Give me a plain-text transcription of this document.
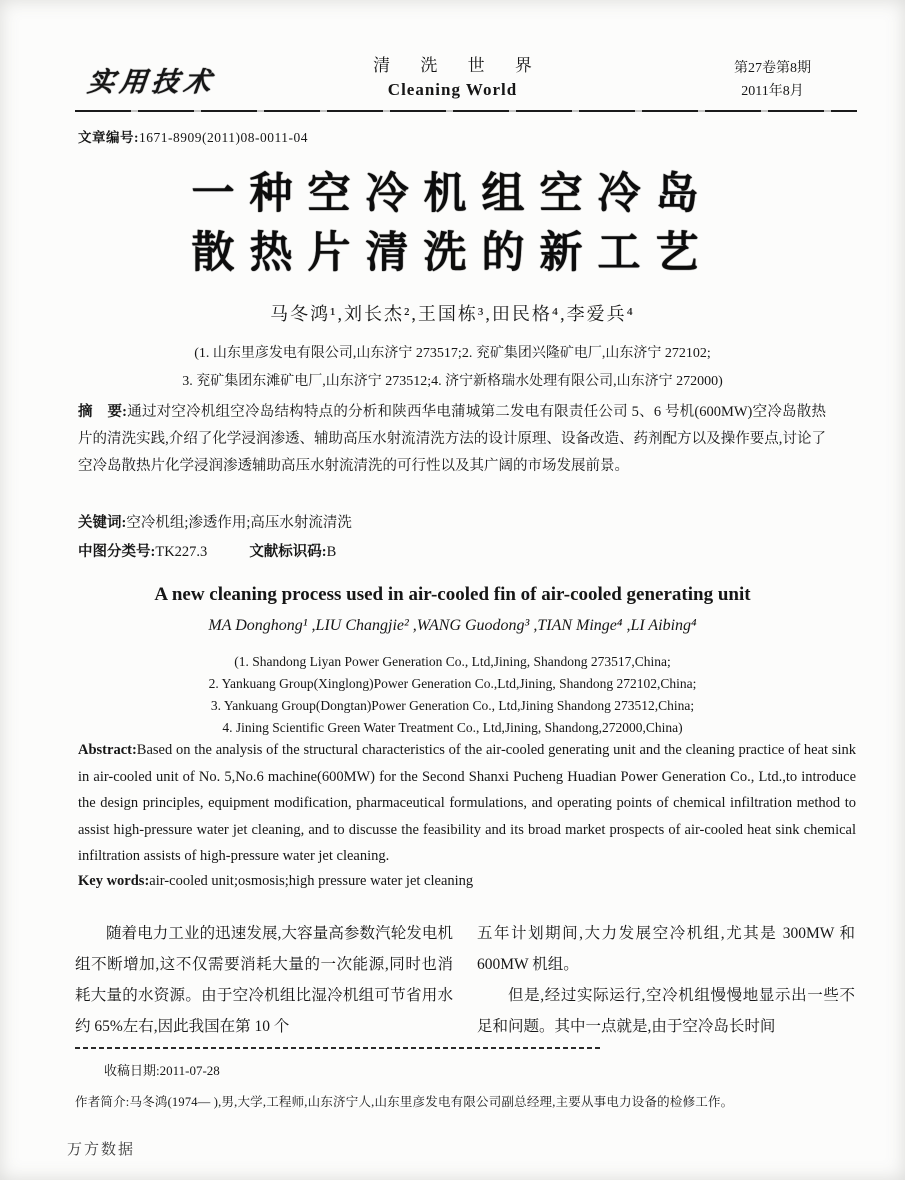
实用技术
清 洗 世 界
Cleaning World
第27卷第8期
2011年8月
文章编号:1671-8909(2011)08-0011-04
一种空冷机组空冷岛
散热片清洗的新工艺
马冬鸿¹,刘长杰²,王国栋³,田民格⁴,李爱兵⁴
(1. 山东里彦发电有限公司,山东济宁 273517;2. 兖矿集团兴隆矿电厂,山东济宁 272102;
3. 兖矿集团东滩矿电厂,山东济宁 273512;4. 济宁新格瑞水处理有限公司,山东济宁 272000)
摘　要:通过对空冷机组空冷岛结构特点的分析和陕西华电蒲城第二发电有限责任公司 5、6 号机(600MW)空冷岛散热片的清洗实践,介绍了化学浸润渗透、辅助高压水射流清洗方法的设计原理、设备改造、药剂配方以及操作要点,讨论了空冷岛散热片化学浸润渗透辅助高压水射流清洗的可行性以及其广阔的市场发展前景。
关键词:空冷机组;渗透作用;高压水射流清洗
中图分类号:TK227.3	文献标识码:B
A new cleaning process used in air-cooled fin of air-cooled generating unit
MA Donghong¹ ,LIU Changjie² ,WANG Guodong³ ,TIAN Minge⁴ ,LI Aibing⁴
(1. Shandong Liyan Power Generation Co., Ltd,Jining, Shandong 273517,China;
2. Yankuang Group(Xinglong)Power Generation Co.,Ltd,Jining, Shandong 272102,China;
3. Yankuang Group(Dongtan)Power Generation Co., Ltd,Jining Shandong 273512,China;
4. Jining Scientific Green Water Treatment Co., Ltd,Jining, Shandong,272000,China)
Abstract:Based on the analysis of the structural characteristics of the air-cooled generating unit and the cleaning practice of heat sink in air-cooled unit of No. 5,No.6 machine(600MW) for the Second Shanxi Pucheng Huadian Power Generation Co., Ltd.,to introduce the design principles, equipment modification, pharmaceutical formulations, and operating points of chemical infiltration method to assist high-pressure water jet cleaning, and to discusse the feasibility and its broad market prospects of air-cooled heat sink chemical infiltration assists of high-pressure water jet cleaning.
Key words:air-cooled unit;osmosis;high pressure water jet cleaning

随着电力工业的迅速发展,大容量高参数汽轮发电机组不断增加,这不仅需要消耗大量的一次能源,同时也消耗大量的水资源。由于空冷机组比湿冷机组可节省用水约 65%左右,因此我国在第 10 个

五年计划期间,大力发展空冷机组,尤其是 300MW 和 600MW 机组。

但是,经过实际运行,空冷机组慢慢地显示出一些不足和问题。其中一点就是,由于空冷岛长时间

收稿日期:2011-07-28
作者简介:马冬鸿(1974— ),男,大学,工程师,山东济宁人,山东里彦发电有限公司副总经理,主要从事电力设备的检修工作。
万方数据
